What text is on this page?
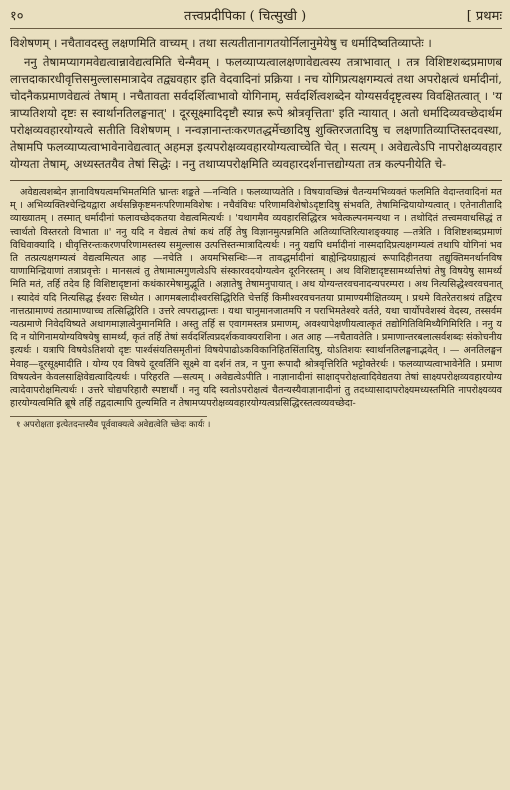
१०	तत्त्वप्रदीपिका ( चित्सुखी )	[ प्रथमः

विशेषणम् । नचैतावदस्तु लक्षणमिति वाच्यम् । तथा सत्यतीतानागतयोर्निलानुमेयेषु च धर्मादिष्वतिव्याप्तेः ।

ननु तेषामप्यागमवेद्यत्वान्नावेद्यत्वमिति चेन्मैवम् । फलव्याप्यत्वालक्षणावेद्यत्वस्य तत्राभावात् । तत्र विशिष्टशब्दप्रमाणबलात्तदाकारधीवृत्तिसमुल्लासमात्रादेव तद्व्यवहार इति वेदवादिनां प्रक्रिया । नच योगिप्रत्यक्षगम्यत्वं तथा अपरोक्षत्वं धर्मादीनां, चोदनैकप्रमाणवेद्यत्वं तेषाम् । नचैतावता सर्वदर्शित्वाभावो योगिनाम्, सर्वदर्शित्वशब्देन योग्यसर्वदृष्टृत्वस्य विवक्षितत्वात् । 'यत्राप्यतिशयो दृष्टः स स्वार्थानतिलङ्घनात्' । दूरसूक्ष्मादिदृष्टौ स्यान्न रूपे श्रोत्रवृत्तिता' इति न्यायात् । अतो धर्मादिव्यवच्छेदार्थमपरोक्षव्यवहारयोग्यत्वे सतीति विशेषणम् । नन्वज्ञानान्तःकरणतद्धर्मेच्छादिषु शुक्तिरजतादिषु च लक्षणातिव्याप्तिस्तदवस्था, तेषामपि फलव्याप्यत्वाभावेनावेद्यत्वात् अहमज्ञ इत्यपरोक्षव्यवहारयोग्यत्वाच्चेति चेत् । सत्यम् । अवेद्यत्वेऽपि नापरोक्षव्यवहारयोग्यता तेषाम्, अध्यस्ततयैव तेषां सिद्धेः । ननु तथाप्यपरोक्षमिति व्यवहारदर्शनात्तद्योग्यता तत्र कल्पनीयेति चे-

अवेद्यत्वशब्देन ज्ञानाविषयत्वमभिमतमिति भ्रान्तः शङ्कते —नन्विति । फलव्याप्यतेति । विषयावच्छिन्नं चैतन्यमभिव्यक्तं फलमिति वेदान्तवादिनां मतम् । अभिव्यक्तिश्चेन्द्रियद्वारा अर्थसन्निकृष्टमनःपरिणामविशेषः । नचैवंविधः परिणामविशेषोऽदृष्टादिषु संभवति, तेषामिन्द्रियायोग्यत्वात् । एतेनातीतादि व्याख्यातम् । तस्मात् धर्मादीनां फलावच्छेदकतया वेद्यत्वमित्यर्थः । 'यथागमैव व्यवहारसिद्धिरत्र भवेत्कल्पनमन्यथा न । तथोदितं तत्त्वमवाधसिद्धं तत्त्वार्थतो विस्तरतो विभाता ॥' ननु यदि न वेद्यत्वं तेषां कथं तर्हि तेषु विज्ञानमुत्पन्नमिति अतिव्याप्तिरित्याशङ्क्याह —तत्रेति । विशिष्टशब्दप्रमाणं विधिवाक्यादि । धीवृत्तिरन्तःकरणपरिणामस्तस्य समुल्लास उत्पत्तिस्तन्मात्रादित्यर्थः । ननु यद्यपि धर्मादीनां नास्मदादिप्रत्यक्षगम्यत्वं तथापि योगिनां भवति तत्प्रत्यक्षगम्यत्वं वेद्यत्वमित्यत आह —नचेति । अयमभिसन्धिः—न तावद्धर्मादीनां बाह्येन्द्रियग्राह्यत्वं रूपादिहीनतया तद्युक्तिमनर्थानविषयाणामिन्द्रियाणां तत्राप्रवृत्तेः । मानसत्वं तु तेषामात्मगुणत्वेऽपि संस्कारवदयोग्यत्वेन दूरनिरस्तम् । अथ विशिष्टादृष्टसामर्थ्यात्तेषां तेषु विषयेषु सामर्थ्यमिति मतं, तर्हि तदेव हि विशिष्टादृष्टानां कथंकारमेषामुद्भूति । अज्ञातेषु तेषामनुपायात् । अथ योग्यन्तरवचनादन्यपरम्परा । अथ नित्यसिद्धेश्वरवचनात् । स्यादेवं यदि नित्यसिद्ध ईश्वरः सिध्येत । आगमबलादीश्वरसिद्धिरिति चेत्तर्हि किमीश्वरवचनतया प्रामाण्यमीक्षितव्यम् । प्रथमे वितरेतराश्रयं तद्विरचनात्तत्प्रामाण्यं तत्प्रामाण्याच्च तत्सिद्धिरिति । उत्तरे त्वपराद्धान्तः । यथा चानुमानजातमपि न पराभिमतेश्वरे वर्तते, यथा चार्योपवेशस्वं वेदस्य, तस्सर्वमन्यत्प्रमाणे निवेदयिष्यते अथागमाज्ञात्वेनुमानमिति । अस्तु तर्हि स एवागमस्तत्र प्रमाणम्, अवश्यापेक्षणीयत्वात्कृतं तद्योगितिविमिथ्यैगिमिरिति । ननु यदि न योगिनामयोग्यविषयेषु सामर्थ्यं, कृतं तर्हि तेषां सर्वदर्शित्वप्रदर्शकवाक्यराशिना । अत आह —नचैतावतेति । प्रमाणान्तरबलात्सर्वशब्दः संकोचनीय इत्यर्थः । यत्रापि विषयेऽतिशयो दृष्टः पार्श्वसंयतिसमृतीनां विषयेपाढोऽकविकानिहितसिंतादिषु, योऽतिशयः स्वार्थानतिलङ्घनाद्भवेत् । — अनतिलङ्घनमेवाह—दूरसूक्ष्मादीति । योग्य एव विषये दूरवर्तिनि सूक्ष्मे वा दर्शनं तत्र, न पुना रूपादौ श्रोत्रवृत्तिरिति भट्टोक्तेरर्थः । फलव्याप्यत्वाभावेनेति । प्रमाणविषयत्वेन केवलसाक्षिवेद्यत्वादित्यर्थः । परिहरति —सत्यम् । अवेद्यत्वेऽपीति । नाज्ञानादीनां साक्षाद्परोक्षत्वादिवेद्यतया तेषां साक्ष्यपरोक्षव्यवहारयोग्यत्वादेवापरोक्षमित्यर्थः । उत्तरे चोद्यपरिहारौ स्पष्टार्थौ । ननु यदि स्वतोऽपरोक्षत्वं चैतन्यस्यैवाज्ञानादीनां तु तदध्यासादापरोक्ष्यमध्यस्तमिति नापरोक्ष्यव्यवहारयोग्यत्वमिति ब्रूषे तर्हि तद्वदात्मापि तुल्यमिति न तेषामप्यपरोक्षव्यवहारयोग्यत्वप्रसिद्धिरस्तत्वव्यवच्छेदा-

१ अपरोक्षता इत्येतदन्तस्यैव पूर्ववाक्यत्वे अवेद्यत्वेति च्छेदः कार्यः ।
